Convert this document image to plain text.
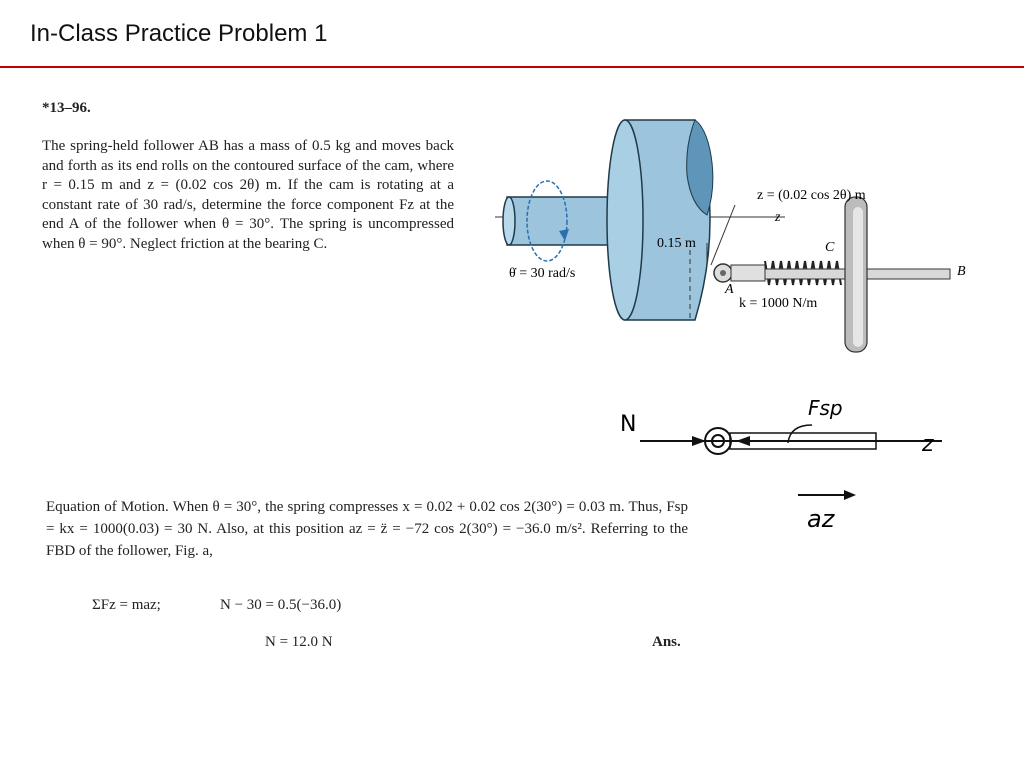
In-Class Practice Problem 1
*13–96.
The spring-held follower AB has a mass of 0.5 kg and moves back and forth as its end rolls on the contoured surface of the cam, where r = 0.15 m and z = (0.02 cos 2θ) m. If the cam is rotating at a constant rate of 30 rad/s, determine the force component Fz at the end A of the follower when θ = 30°. The spring is uncompressed when θ = 90°. Neglect friction at the bearing C.
z = (0.02 cos 2θ) m
z
0.15 m
θ̇ = 30 rad/s
C
B
A
k = 1000 N/m
N
Fsp
z
az
Equation of Motion. When θ = 30°, the spring compresses x = 0.02 + 0.02 cos 2(30°) = 0.03 m. Thus, Fsp = kx = 1000(0.03) = 30 N. Also, at this position az = z̈ = −72 cos 2(30°) = −36.0 m/s². Referring to the FBD of the follower, Fig. a,
ΣFz = maz;	N − 30 = 0.5(−36.0)
N = 12.0 N	Ans.
